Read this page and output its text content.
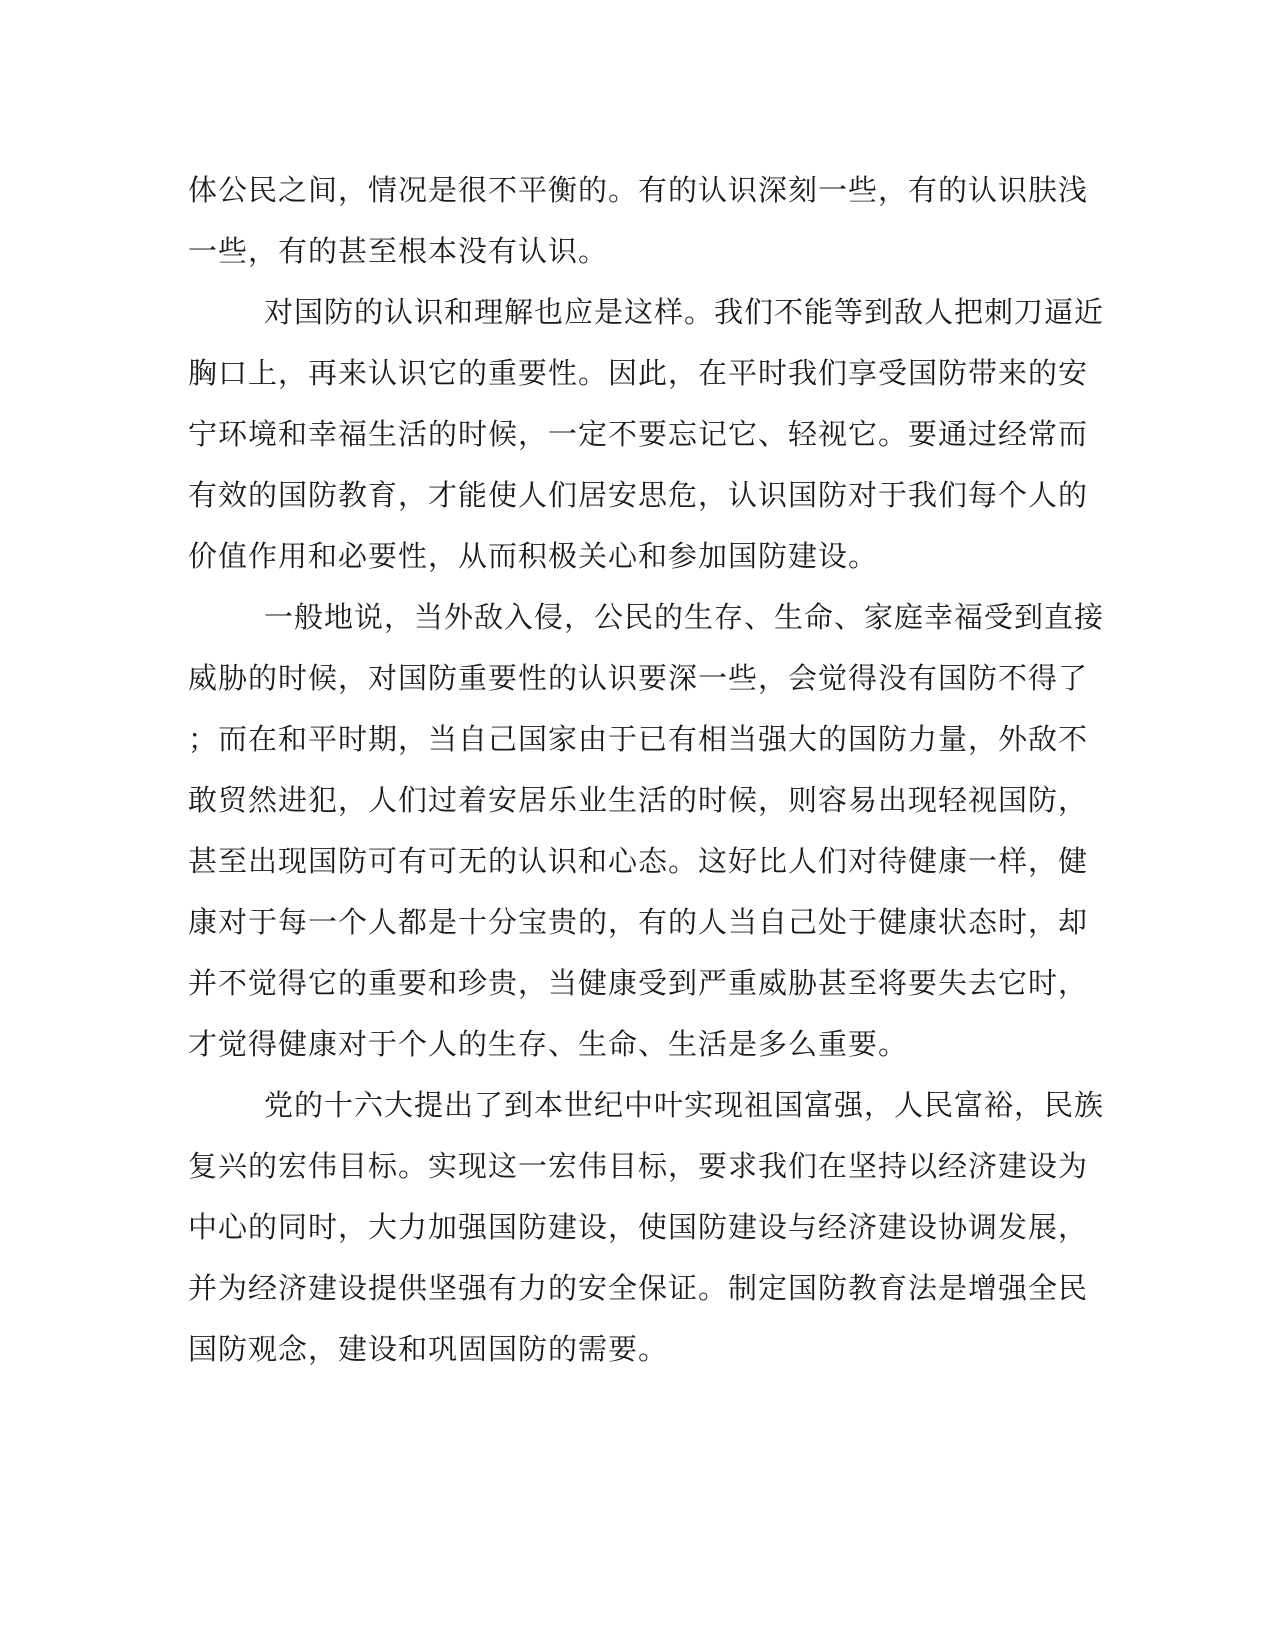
体公民之间，情况是很不平衡的。有的认识深刻一些，有的认识肤浅
一些，有的甚至根本没有认识。
对国防的认识和理解也应是这样。我们不能等到敌人把刺刀逼近
胸口上，再来认识它的重要性。因此，在平时我们享受国防带来的安
宁环境和幸福生活的时候，一定不要忘记它、轻视它。要通过经常而
有效的国防教育，才能使人们居安思危，认识国防对于我们每个人的
价值作用和必要性，从而积极关心和参加国防建设。
一般地说，当外敌入侵，公民的生存、生命、家庭幸福受到直接
威胁的时候，对国防重要性的认识要深一些，会觉得没有国防不得了
；而在和平时期，当自己国家由于已有相当强大的国防力量，外敌不
敢贸然进犯，人们过着安居乐业生活的时候，则容易出现轻视国防，
甚至出现国防可有可无的认识和心态。这好比人们对待健康一样，健
康对于每一个人都是十分宝贵的，有的人当自己处于健康状态时，却
并不觉得它的重要和珍贵，当健康受到严重威胁甚至将要失去它时，
才觉得健康对于个人的生存、生命、生活是多么重要。
党的十六大提出了到本世纪中叶实现祖国富强，人民富裕，民族
复兴的宏伟目标。实现这一宏伟目标，要求我们在坚持以经济建设为
中心的同时，大力加强国防建设，使国防建设与经济建设协调发展，
并为经济建设提供坚强有力的安全保证。制定国防教育法是增强全民
国防观念，建设和巩固国防的需要。
